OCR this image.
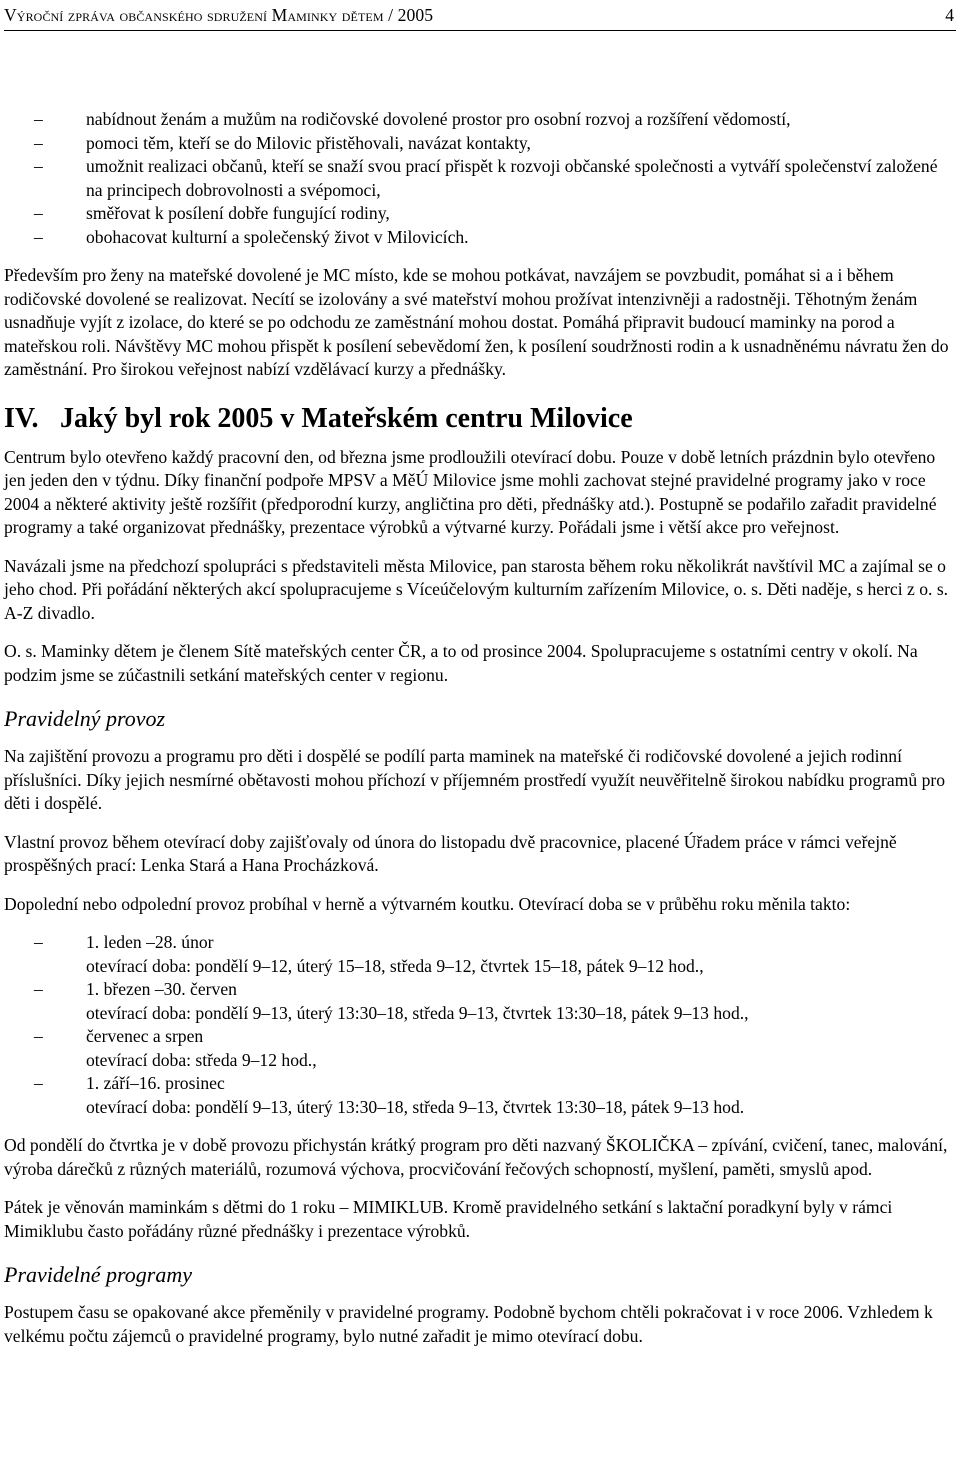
Výroční zpráva občanského sdružení Maminky dětem / 2005	4
– nabídnout ženám a mužům na rodičovské dovolené prostor pro osobní rozvoj a rozšíření vědomostí,
– pomoci těm, kteří se do Milovic přistěhovali, navázat kontakty,
– umožnit realizaci občanů, kteří se snaží svou prací přispět k rozvoji občanské společnosti a vytváří společenství založené na principech dobrovolnosti a svépomoci,
– směřovat k posílení dobře fungující rodiny,
– obohacovat kulturní a společenský život v Milovicích.

Především pro ženy na mateřské dovolené je MC místo, kde se mohou potkávat, navzájem se povzbudit, pomáhat si a i během rodičovské dovolené se realizovat. Necítí se izolovány a své mateřství mohou prožívat intenzivněji a radostněji. Těhotným ženám usnadňuje vyjít z izolace, do které se po odchodu ze zaměstnání mohou dostat. Pomáhá připravit budoucí maminky na porod a mateřskou roli. Návštěvy MC mohou přispět k posílení sebevědomí žen, k posílení soudržnosti rodin a k usnadněnému návratu žen do zaměstnání. Pro širokou veřejnost nabízí vzdělávací kurzy a přednášky.

IV. Jaký byl rok 2005 v Mateřském centru Milovice

Centrum bylo otevřeno každý pracovní den, od března jsme prodloužili otevírací dobu. Pouze v době letních prázdnin bylo otevřeno jen jeden den v týdnu. Díky finanční podpoře MPSV a MěÚ Milovice jsme mohli zachovat stejné pravidelné programy jako v roce 2004 a některé aktivity ještě rozšířit (předporodní kurzy, angličtina pro děti, přednášky atd.). Postupně se podařilo zařadit pravidelné programy a také organizovat přednášky, prezentace výrobků a výtvarné kurzy. Pořádali jsme i větší akce pro veřejnost.

Navázali jsme na předchozí spolupráci s představiteli města Milovice, pan starosta během roku několikrát navštívil MC a zajímal se o jeho chod. Při pořádání některých akcí spolupracujeme s Víceúčelovým kulturním zařízením Milovice, o. s. Děti naděje, s herci z o. s. A-Z divadlo.

O. s. Maminky dětem je členem Sítě mateřských center ČR, a to od prosince 2004. Spolupracujeme s ostatními centry v okolí. Na podzim jsme se zúčastnili setkání mateřských center v regionu.

Pravidelný provoz

Na zajištění provozu a programu pro děti i dospělé se podílí parta maminek na mateřské či rodičovské dovolené a jejich rodinní příslušníci. Díky jejich nesmírné obětavosti mohou příchozí v příjemném prostředí využít neuvěřitelně širokou nabídku programů pro děti i dospělé.

Vlastní provoz během otevírací doby zajišťovaly od února do listopadu dvě pracovnice, placené Úřadem práce v rámci veřejně prospěšných prací: Lenka Stará a Hana Procházková.

Dopolední nebo odpolední provoz probíhal v herně a výtvarném koutku. Otevírací doba se v průběhu roku měnila takto:

– 1. leden –28. únor
otevírací doba: pondělí 9–12, úterý 15–18, středa 9–12, čtvrtek 15–18, pátek 9–12 hod.,
– 1. březen –30. červen
otevírací doba: pondělí 9–13, úterý 13:30–18, středa 9–13, čtvrtek 13:30–18, pátek 9–13 hod.,
– červenec a srpen
otevírací doba: středa 9–12 hod.,
– 1. září–16. prosinec
otevírací doba: pondělí 9–13, úterý 13:30–18, středa 9–13, čtvrtek 13:30–18, pátek 9–13 hod.

Od pondělí do čtvrtka je v době provozu přichystán krátký program pro děti nazvaný ŠKOLIČKA – zpívání, cvičení, tanec, malování, výroba dárečků z různých materiálů, rozumová výchova, procvičování řečových schopností, myšlení, paměti, smyslů apod.

Pátek je věnován maminkám s dětmi do 1 roku – MIMIKLUB. Kromě pravidelného setkání s laktační poradkyní byly v rámci Mimiklubu často pořádány různé přednášky i prezentace výrobků.

Pravidelné programy

Postupem času se opakované akce přeměnily v pravidelné programy. Podobně bychom chtěli pokračovat i v roce 2006. Vzhledem k velkému počtu zájemců o pravidelné programy, bylo nutné zařadit je mimo otevírací dobu.
